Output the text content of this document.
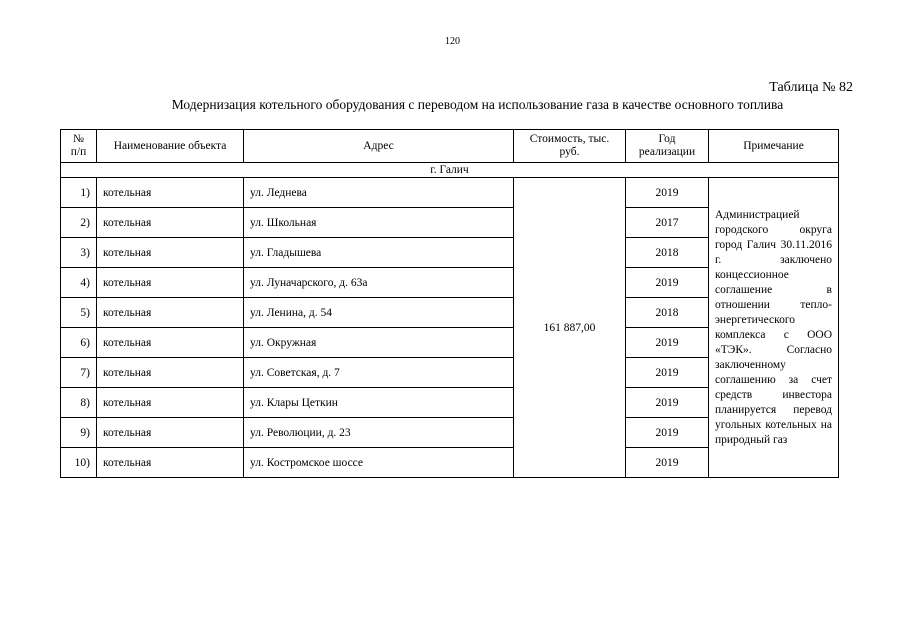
120
Таблица № 82
Модернизация котельного оборудования с переводом на использование газа в качестве основного топлива
№ п/п	Наименование объекта	Адрес	Стоимость, тыс. руб.	Год реализации	Примечание
г. Галич					
1)	котельная	ул. Леднева	161 887,00	2019	Администрацией городского округа город Галич 30.11.2016 г. заключено концессионное соглашение в отношении тепло-энергетического комплекса с ООО «ТЭК». Согласно заключенному соглашению за счет средств инвестора планируется перевод угольных котельных на природный газ
2)	котельная	ул. Школьная		2017	
3)	котельная	ул. Гладышева		2018	
4)	котельная	ул. Луначарского, д. 63а		2019	
5)	котельная	ул. Ленина, д. 54		2018	
6)	котельная	ул. Окружная		2019	
7)	котельная	ул. Советская, д. 7		2019	
8)	котельная	ул. Клары Цеткин		2019	
9)	котельная	ул. Революции, д. 23		2019	
10)	котельная	ул. Костромское шоссе		2019	
